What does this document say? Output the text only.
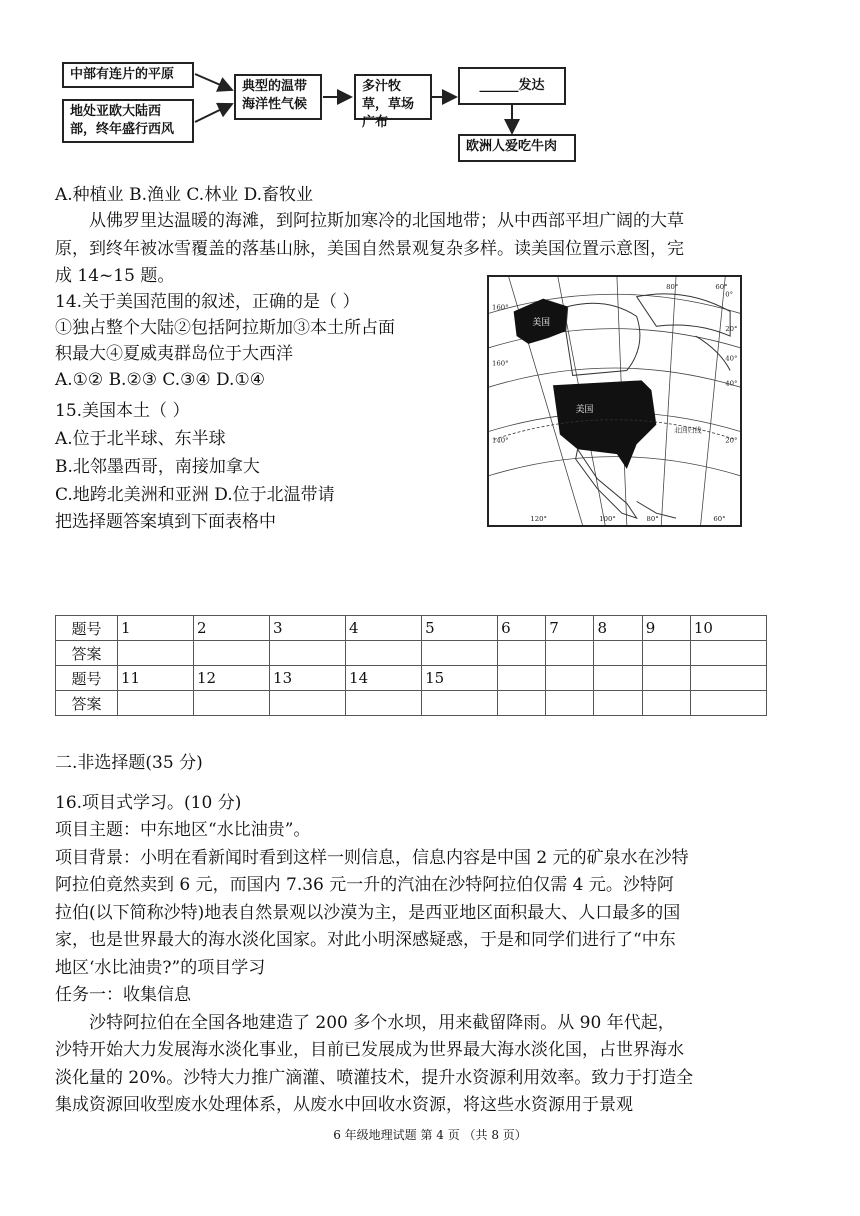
中部有连片的平原
地处亚欧大陆西部，终年盛行西风
典型的温带海洋性气候
多汁牧草，草场广布
______发达
欧洲人爱吃牛肉
A.种植业 B.渔业 C.林业 D.畜牧业
从佛罗里达温暖的海滩，到阿拉斯加寒冷的北国地带；从中西部平坦广阔的大草
原，到终年被冰雪覆盖的落基山脉，美国自然景观复杂多样。读美国位置示意图，完
成 14~15 题。
14.关于美国范围的叙述，正确的是（ ）
①独占整个大陆②包括阿拉斯加③本土所占面
积最大④夏威夷群岛位于大西洋
A.①② B.②③ C.③④ D.①④
15.美国本土（ ）
A.位于北半球、东半球
B.北邻墨西哥，南接加拿大
C.地跨北美洲和亚洲 D.位于北温带请
把选择题答案填到下面表格中
美国
美国
北回归线
80°	60°
160°
160°
140°
0°
20°
40°
40°
20°
120°	100°	80°	60°
题号	1	2	3	4	5	6	7	8	9	10
答案										
题号	11	12	13	14	15					
答案										
二.非选择题(35 分)
16.项目式学习。(10 分)
项目主题：中东地区“水比油贵”。
项目背景：小明在看新闻时看到这样一则信息，信息内容是中国 2 元的矿泉水在沙特
阿拉伯竟然卖到 6 元，而国内 7.36 元一升的汽油在沙特阿拉伯仅需 4 元。沙特阿
拉伯(以下简称沙特)地表自然景观以沙漠为主，是西亚地区面积最大、人口最多的国
家，也是世界最大的海水淡化国家。对此小明深感疑惑，于是和同学们进行了“中东
地区‘水比油贵?”的项目学习
任务一：收集信息
沙特阿拉伯在全国各地建造了 200 多个水坝，用来截留降雨。从 90 年代起，
沙特开始大力发展海水淡化事业，目前已发展成为世界最大海水淡化国，占世界海水
淡化量的 20%。沙特大力推广滴灌、喷灌技术，提升水资源利用效率。致力于打造全
集成资源回收型废水处理体系，从废水中回收水资源，将这些水资源用于景观
6 年级地理试题 第 4 页 （共 8 页）
